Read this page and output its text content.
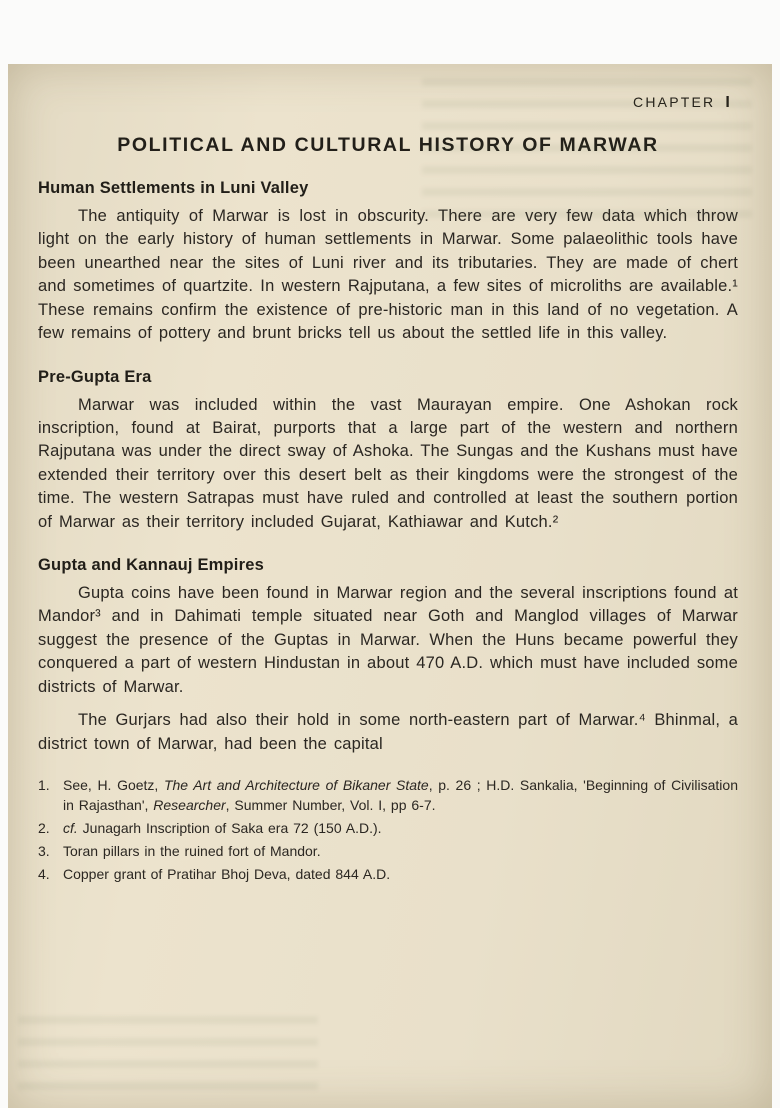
CHAPTER I
POLITICAL AND CULTURAL HISTORY OF MARWAR
Human Settlements in Luni Valley

The antiquity of Marwar is lost in obscurity. There are very few data which throw light on the early history of human settlements in Marwar. Some palaeolithic tools have been unearthed near the sites of Luni river and its tributaries. They are made of chert and sometimes of quartzite. In western Rajputana, a few sites of microliths are available.¹ These remains confirm the existence of pre-historic man in this land of no vegetation. A few remains of pottery and brunt bricks tell us about the settled life in this valley.

Pre-Gupta Era

Marwar was included within the vast Maurayan empire. One Ashokan rock inscription, found at Bairat, purports that a large part of the western and northern Rajputana was under the direct sway of Ashoka. The Sungas and the Kushans must have extended their territory over this desert belt as their kingdoms were the strongest of the time. The western Satrapas must have ruled and controlled at least the southern portion of Marwar as their territory included Gujarat, Kathiawar and Kutch.²

Gupta and Kannauj Empires

Gupta coins have been found in Marwar region and the several inscriptions found at Mandor³ and in Dahimati temple situated near Goth and Manglod villages of Marwar suggest the presence of the Guptas in Marwar. When the Huns became powerful they conquered a part of western Hindustan in about 470 A.D. which must have included some districts of Marwar.

The Gurjars had also their hold in some north-eastern part of Marwar.⁴ Bhinmal, a district town of Marwar, had been the capital

1. See, H. Goetz, The Art and Architecture of Bikaner State, p. 26 ; H.D. Sankalia, 'Beginning of Civilisation in Rajasthan', Researcher, Summer Number, Vol. I, pp 6-7.
2. cf. Junagarh Inscription of Saka era 72 (150 A.D.).
3. Toran pillars in the ruined fort of Mandor.
4. Copper grant of Pratihar Bhoj Deva, dated 844 A.D.
